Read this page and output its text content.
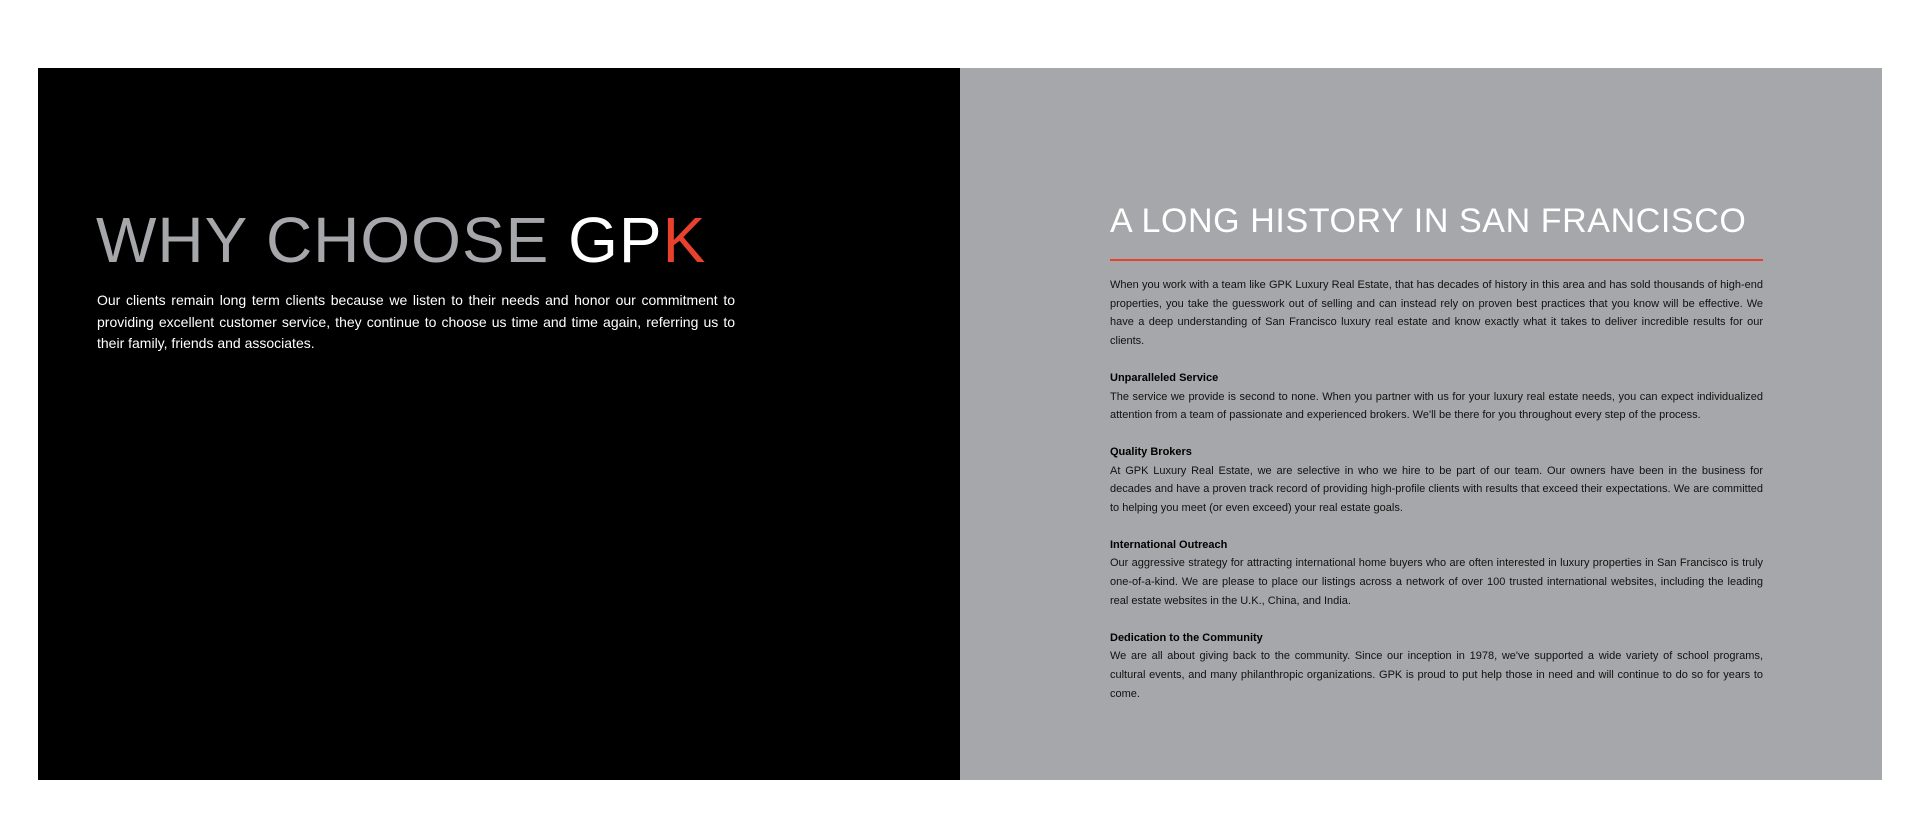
WHY CHOOSE GPK

Our clients remain long term clients because we listen to their needs and honor our commitment to providing excellent customer service, they continue to choose us time and time again, referring us to their family, friends and associates.

A LONG HISTORY IN SAN FRANCISCO

When you work with a team like GPK Luxury Real Estate, that has decades of history in this area and has sold thousands of high-end properties, you take the guesswork out of selling and can instead rely on proven best practices that you know will be effective. We have a deep understanding of San Francisco luxury real estate and know exactly what it takes to deliver incredible results for our clients.

Unparalleled Service

The service we provide is second to none. When you partner with us for your luxury real estate needs, you can expect individualized attention from a team of passionate and experienced brokers. We'll be there for you throughout every step of the process.

Quality Brokers

At GPK Luxury Real Estate, we are selective in who we hire to be part of our team. Our owners have been in the business for decades and have a proven track record of providing high-profile clients with results that exceed their expectations. We are committed to helping you meet (or even exceed) your real estate goals.

International Outreach

Our aggressive strategy for attracting international home buyers who are often interested in luxury properties in San Francisco is truly one-of-a-kind. We are please to place our listings across a network of over 100 trusted international websites, including the leading real estate websites in the U.K., China, and India.

Dedication to the Community

We are all about giving back to the community. Since our inception in 1978, we've supported a wide variety of school programs, cultural events, and many philanthropic organizations. GPK is proud to put help those in need and will continue to do so for years to come.
